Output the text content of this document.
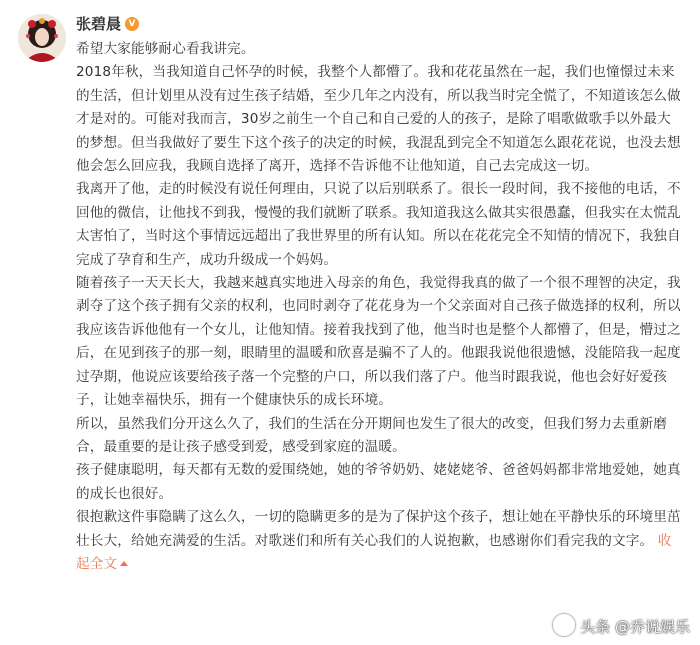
张碧晨V

希望大家能够耐心看我讲完。

2018年秋，当我知道自己怀孕的时候，我整个人都懵了。我和花花虽然在一起，我们也憧憬过未来的生活，但计划里从没有过生孩子结婚，至少几年之内没有，所以我当时完全慌了，不知道该怎么做才是对的。可能对我而言，30岁之前生一个自己和自己爱的人的孩子，是除了唱歌做歌手以外最大的梦想。但当我做好了要生下这个孩子的决定的时候，我混乱到完全不知道怎么跟花花说，也没去想他会怎么回应我，我顾自选择了离开，选择不告诉他不让他知道，自己去完成这一切。

我离开了他，走的时候没有说任何理由，只说了以后别联系了。很长一段时间，我不接他的电话，不回他的微信，让他找不到我，慢慢的我们就断了联系。我知道我这么做其实很愚蠢，但我实在太慌乱太害怕了，当时这个事情远远超出了我世界里的所有认知。所以在花花完全不知情的情况下，我独自完成了孕育和生产，成功升级成一个妈妈。

随着孩子一天天长大，我越来越真实地进入母亲的角色，我觉得我真的做了一个很不理智的决定，我剥夺了这个孩子拥有父亲的权利，也同时剥夺了花花身为一个父亲面对自己孩子做选择的权利，所以我应该告诉他他有一个女儿，让他知情。接着我找到了他，他当时也是整个人都懵了，但是，懵过之后，在见到孩子的那一刻，眼睛里的温暖和欣喜是骗不了人的。他跟我说他很遗憾，没能陪我一起度过孕期，他说应该要给孩子落一个完整的户口，所以我们落了户。他当时跟我说，他也会好好爱孩子，让她幸福快乐，拥有一个健康快乐的成长环境。

所以，虽然我们分开这么久了，我们的生活在分开期间也发生了很大的改变，但我们努力去重新磨合，最重要的是让孩子感受到爱，感受到家庭的温暖。

孩子健康聪明，每天都有无数的爱围绕她，她的爷爷奶奶、姥姥姥爷、爸爸妈妈都非常地爱她，她真的成长也很好。

很抱歉这件事隐瞒了这么久，一切的隐瞒更多的是为了保护这个孩子，想让她在平静快乐的环境里茁壮长大，给她充满爱的生活。对歌迷们和所有关心我们的人说抱歉，也感谢你们看完我的文字。 收起全文

头条 @乔说娱乐
